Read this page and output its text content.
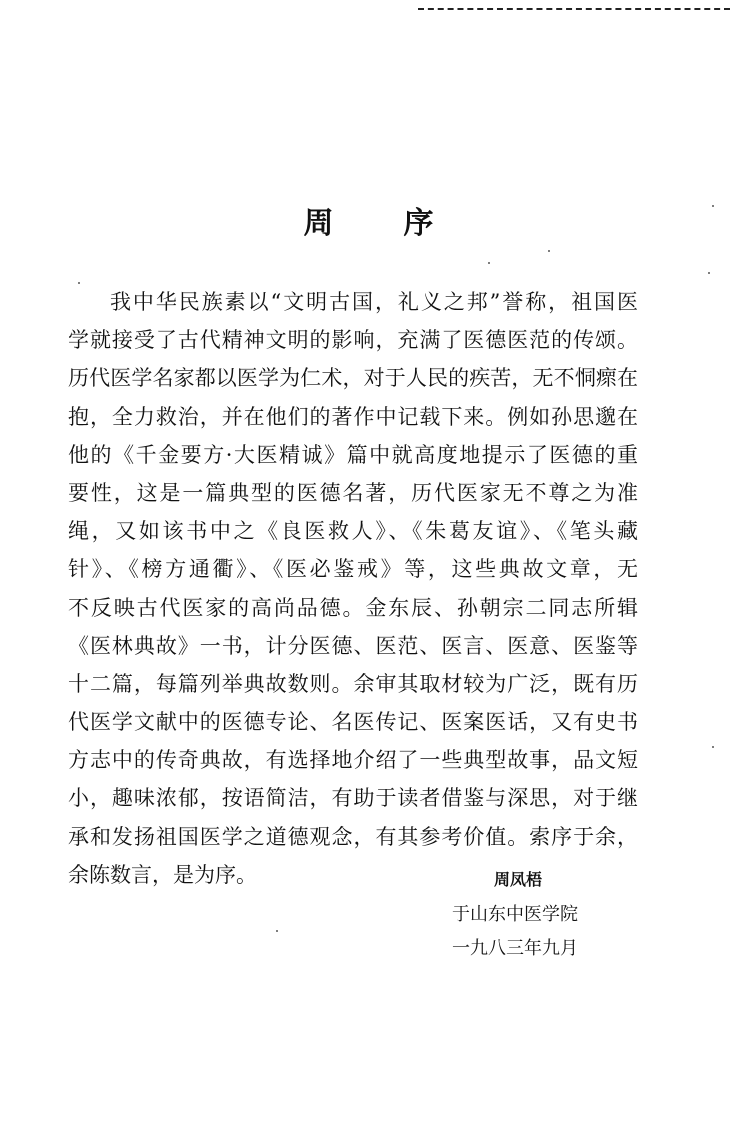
周序
我中华民族素以“文明古国，礼义之邦”誉称，祖国医
学就接受了古代精神文明的影响，充满了医德医范的传颂。
历代医学名家都以医学为仁术，对于人民的疾苦，无不恫瘝在
抱，全力救治，并在他们的著作中记载下来。例如孙思邈在
他的《千金要方·大医精诚》篇中就高度地提示了医德的重
要性，这是一篇典型的医德名著，历代医家无不尊之为准
绳，又如该书中之《良医救人》、《朱葛友谊》、《笔头藏
针》、《榜方通衢》、《医必鉴戒》等，这些典故文章，无
不反映古代医家的高尚品德。金东辰、孙朝宗二同志所辑
《医林典故》一书，计分医德、医范、医言、医意、医鉴等
十二篇，每篇列举典故数则。余审其取材较为广泛，既有历
代医学文献中的医德专论、名医传记、医案医话，又有史书
方志中的传奇典故，有选择地介绍了一些典型故事，品文短
小，趣味浓郁，按语简洁，有助于读者借鉴与深思，对于继
承和发扬祖国医学之道德观念，有其参考价值。索序于余，
余陈数言，是为序。	周凤梧
于山东中医学院
一九八三年九月
